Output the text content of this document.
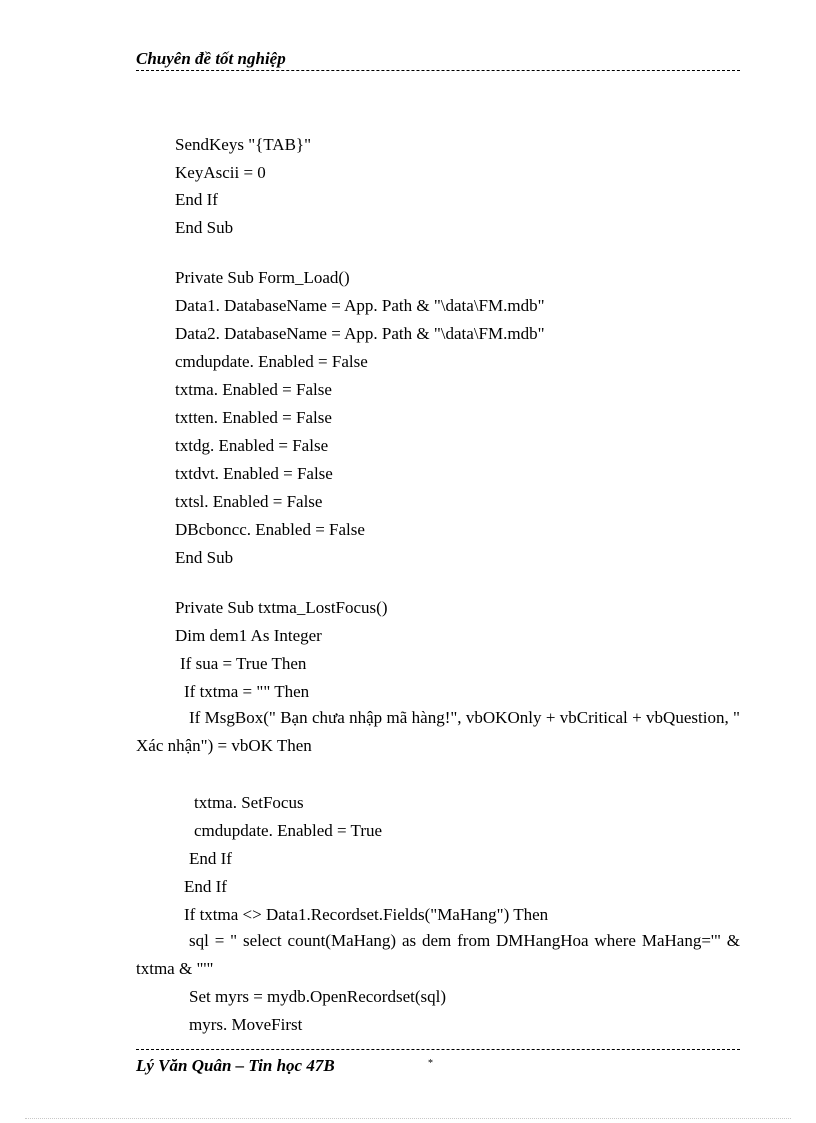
Chuyên đề tốt nghiệp
SendKeys "{TAB}"
KeyAscii = 0
End If
End Sub
Private Sub Form_Load()
Data1. DatabaseName = App. Path & "\data\FM.mdb"
Data2. DatabaseName = App. Path & "\data\FM.mdb"
cmdupdate. Enabled = False
txtma. Enabled = False
txtten. Enabled = False
txtdg. Enabled = False
txtdvt. Enabled = False
txtsl. Enabled = False
DBcboncc. Enabled = False
End Sub
Private Sub txtma_LostFocus()
Dim dem1 As Integer
If sua = True Then
If txtma = "" Then
If MsgBox(" Bạn chưa nhập mã hàng!", vbOKOnly + vbCritical + vbQuestion, " Xác nhận") = vbOK Then
txtma. SetFocus
cmdupdate. Enabled = True
End If
End If
If txtma <> Data1.Recordset.Fields("MaHang") Then
sql = " select count(MaHang) as dem from DMHangHoa where MaHang='" & txtma & "'"
Set myrs = mydb.OpenRecordset(sql)
myrs. MoveFirst
Lý Văn Quân – Tin học 47B	*
